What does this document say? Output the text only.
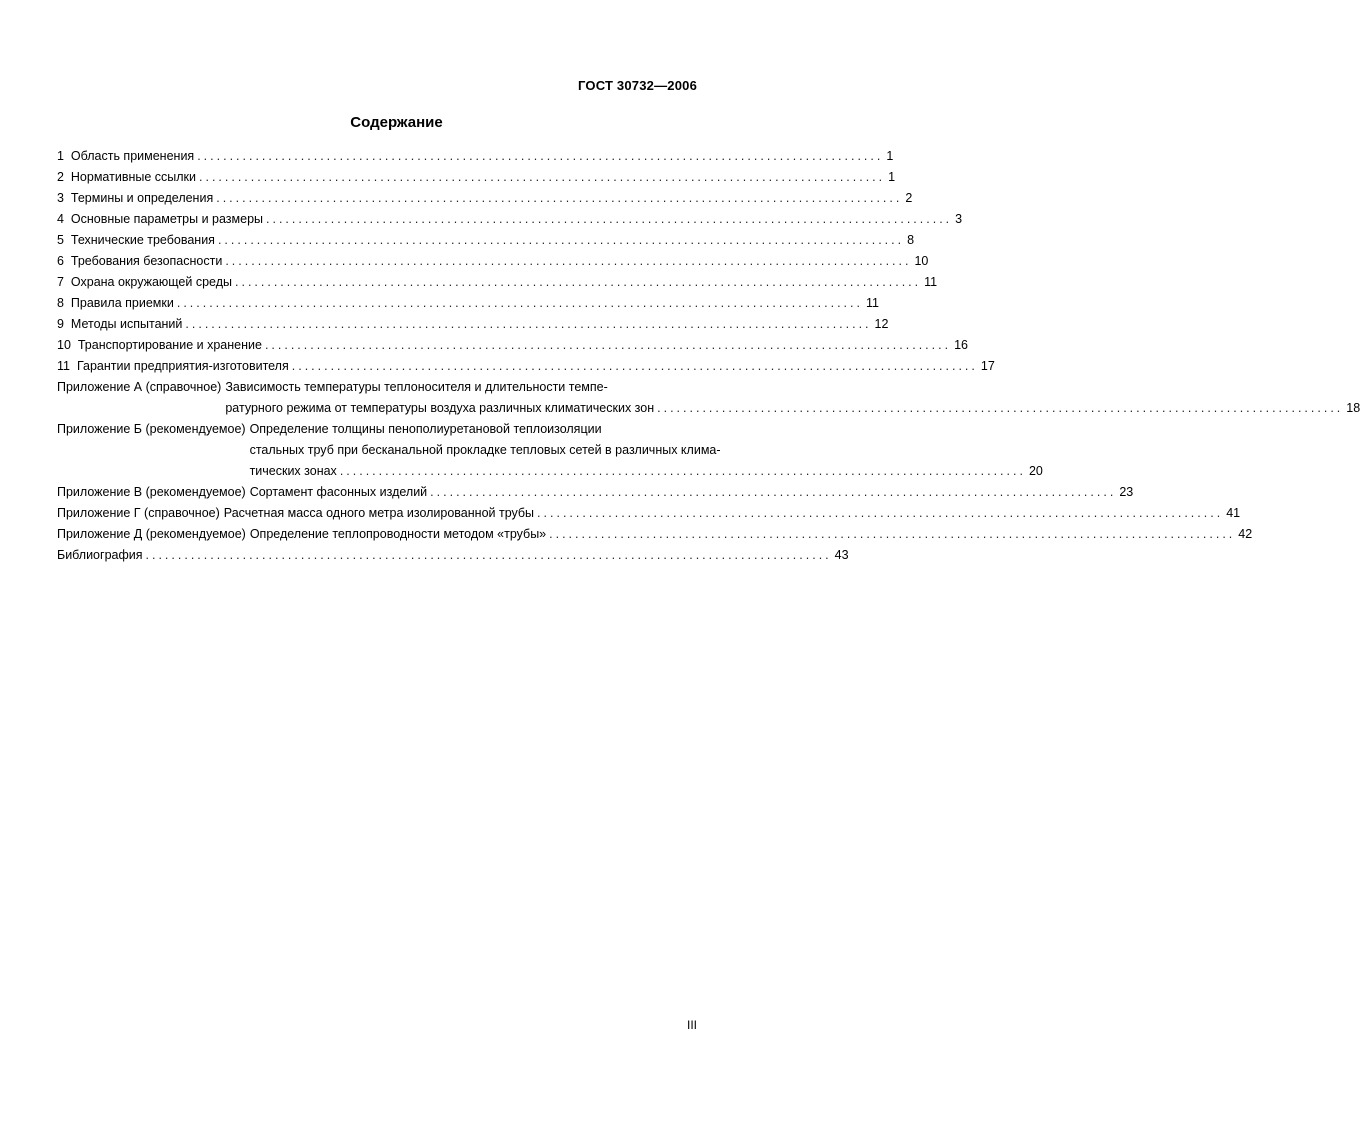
ГОСТ 30732—2006
Содержание
1 Область применения .......................................................................................................... 1
2 Нормативные ссылки .......................................................................................................... 1
3 Термины и определения .......................................................................................................... 2
4 Основные параметры и размеры .......................................................................................................... 3
5 Технические требования .......................................................................................................... 8
6 Требования безопасности .......................................................................................................... 10
7 Охрана окружающей среды .......................................................................................................... 11
8 Правила приемки .......................................................................................................... 11
9 Методы испытаний .......................................................................................................... 12
10 Транспортирование и хранение .......................................................................................................... 16
11 Гарантии предприятия-изготовителя .......................................................................................................... 17
Приложение А (справочное) Зависимость температуры теплоносителя и длительности темпе-
ратурного режима от температуры воздуха различных климатических зон .......................................................................................................... 18
Приложение Б (рекомендуемое) Определение толщины пенополиуретановой теплоизоляции
стальных труб при бесканальной прокладке тепловых сетей в различных клима-
тических зонах .......................................................................................................... 20
Приложение В (рекомендуемое) Сортамент фасонных изделий .......................................................................................................... 23
Приложение Г (справочное) Расчетная масса одного метра изолированной трубы .......................................................................................................... 41
Приложение Д (рекомендуемое) Определение теплопроводности методом «трубы» .......................................................................................................... 42
Библиография .......................................................................................................... 43
III
